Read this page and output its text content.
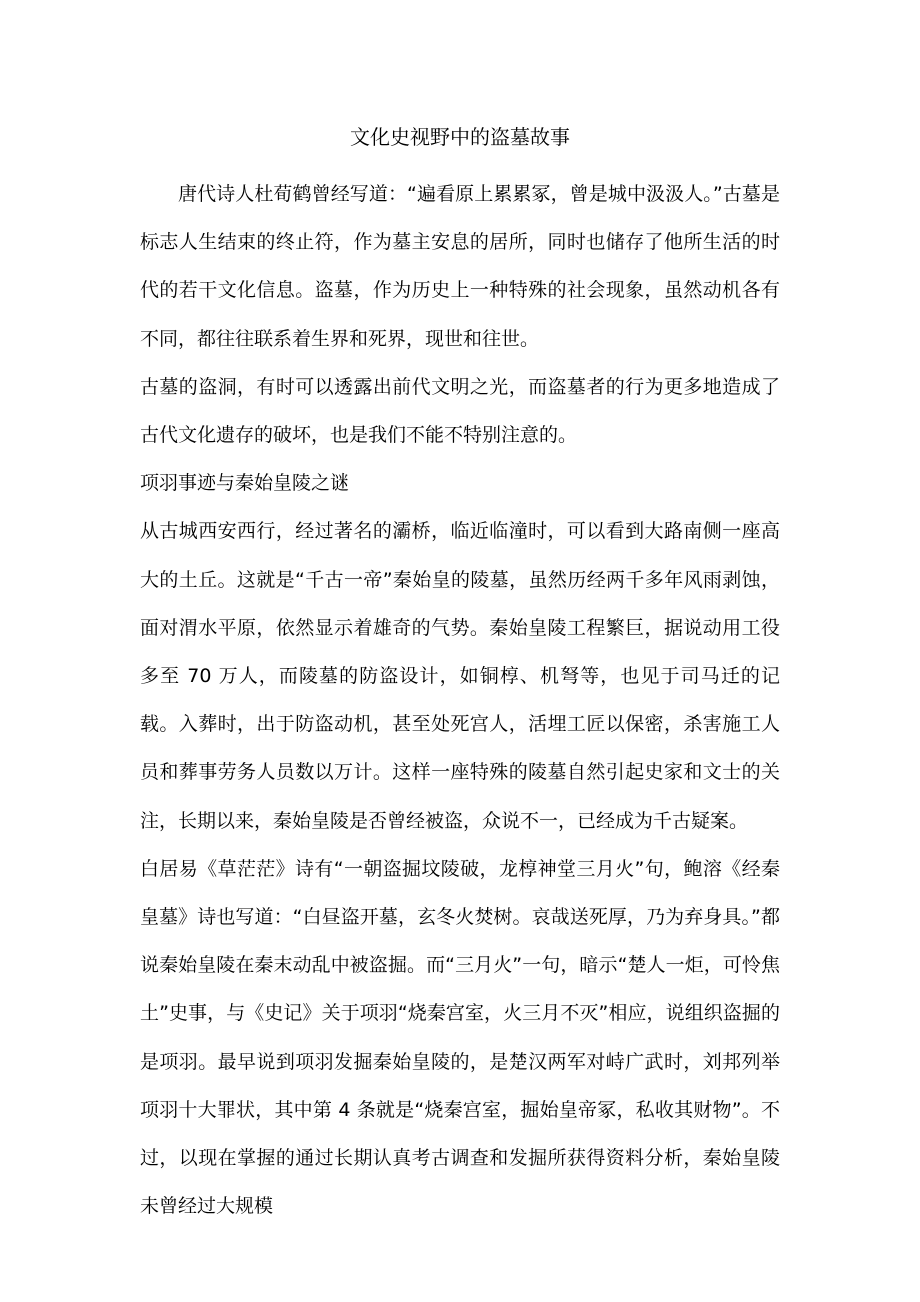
文化史视野中的盗墓故事

唐代诗人杜荀鹤曾经写道：“遍看原上累累冢，曾是城中汲汲人。”古墓是标志人生结束的终止符，作为墓主安息的居所，同时也储存了他所生活的时代的若干文化信息。盗墓，作为历史上一种特殊的社会现象，虽然动机各有不同，都往往联系着生界和死界，现世和往世。

古墓的盗洞，有时可以透露出前代文明之光，而盗墓者的行为更多地造成了古代文化遗存的破坏，也是我们不能不特别注意的。

项羽事迹与秦始皇陵之谜

从古城西安西行，经过著名的灞桥，临近临潼时，可以看到大路南侧一座高大的土丘。这就是“千古一帝”秦始皇的陵墓，虽然历经两千多年风雨剥蚀，面对渭水平原，依然显示着雄奇的气势。秦始皇陵工程繁巨，据说动用工役多至 70 万人，而陵墓的防盗设计，如铜椁、机弩等，也见于司马迁的记载。入葬时，出于防盗动机，甚至处死宫人，活埋工匠以保密，杀害施工人员和葬事劳务人员数以万计。这样一座特殊的陵墓自然引起史家和文士的关注，长期以来，秦始皇陵是否曾经被盗，众说不一，已经成为千古疑案。

白居易《草茫茫》诗有“一朝盗掘坟陵破，龙椁神堂三月火”句，鲍溶《经秦皇墓》诗也写道：“白昼盗开墓，玄冬火焚树。哀哉送死厚，乃为弃身具。”都说秦始皇陵在秦末动乱中被盗掘。而“三月火”一句，暗示“楚人一炬，可怜焦土”史事，与《史记》关于项羽“烧秦宫室，火三月不灭”相应，说组织盗掘的是项羽。最早说到项羽发掘秦始皇陵的，是楚汉两军对峙广武时，刘邦列举项羽十大罪状，其中第 4 条就是“烧秦宫室，掘始皇帝冢，私收其财物”。不过，以现在掌握的通过长期认真考古调查和发掘所获得资料分析，秦始皇陵未曾经过大规模
